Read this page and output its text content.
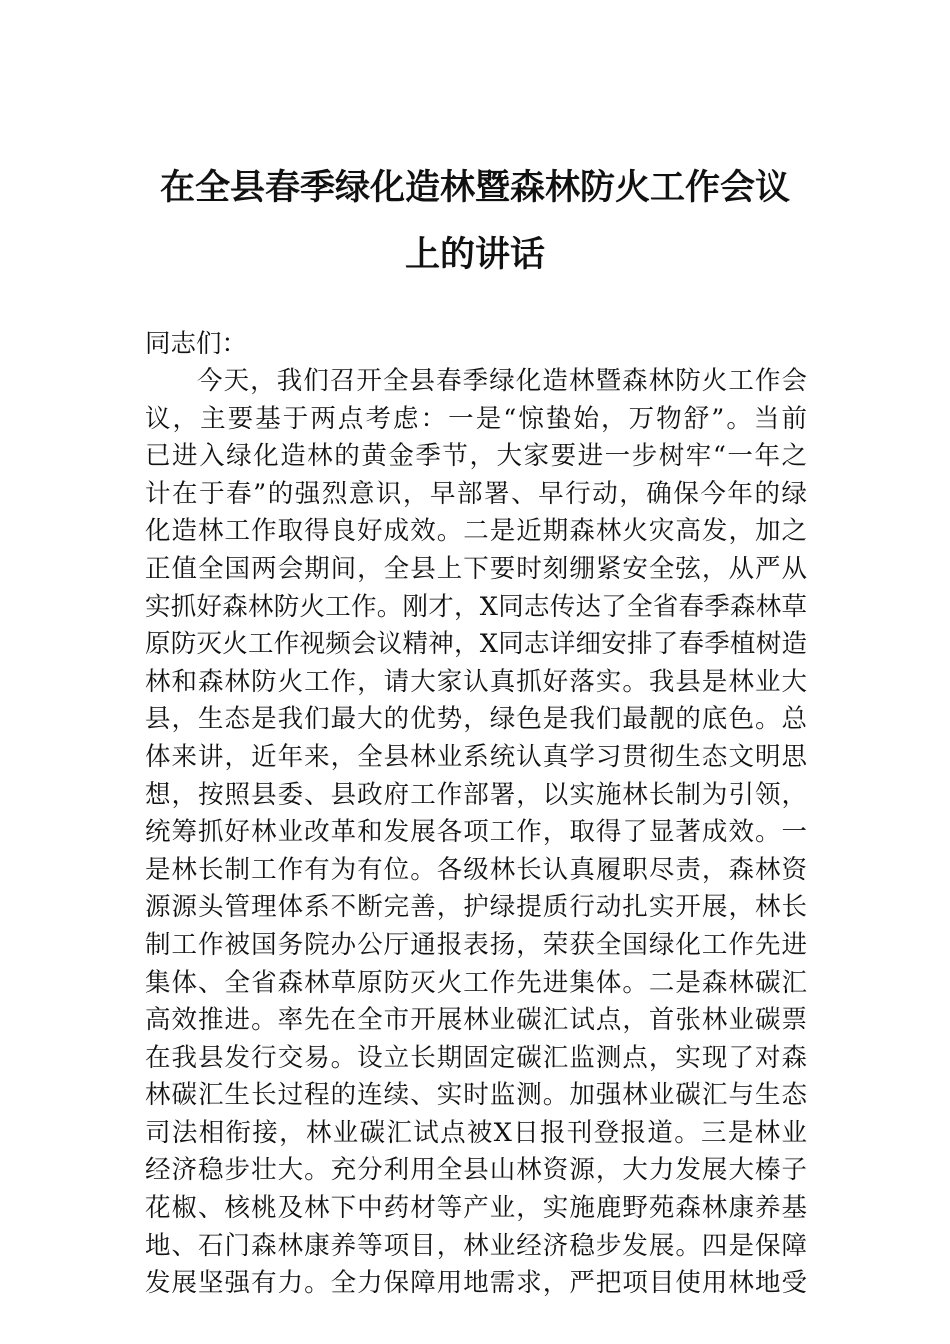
在全县春季绿化造林暨森林防火工作会议
上的讲话
同志们：
今天，我们召开全县春季绿化造林暨森林防火工作会
议，主要基于两点考虑：一是“惊蛰始，万物舒”。当前
已进入绿化造林的黄金季节，大家要进一步树牢“一年之
计在于春”的强烈意识，早部署、早行动，确保今年的绿
化造林工作取得良好成效。二是近期森林火灾高发，加之
正值全国两会期间，全县上下要时刻绷紧安全弦，从严从
实抓好森林防火工作。刚才，X同志传达了全省春季森林草
原防灭火工作视频会议精神，X同志详细安排了春季植树造
林和森林防火工作，请大家认真抓好落实。我县是林业大
县，生态是我们最大的优势，绿色是我们最靓的底色。总
体来讲，近年来，全县林业系统认真学习贯彻生态文明思
想，按照县委、县政府工作部署，以实施林长制为引领，
统筹抓好林业改革和发展各项工作，取得了显著成效。一
是林长制工作有为有位。各级林长认真履职尽责，森林资
源源头管理体系不断完善，护绿提质行动扎实开展，林长
制工作被国务院办公厅通报表扬，荣获全国绿化工作先进
集体、全省森林草原防灭火工作先进集体。二是森林碳汇
高效推进。率先在全市开展林业碳汇试点，首张林业碳票
在我县发行交易。设立长期固定碳汇监测点，实现了对森
林碳汇生长过程的连续、实时监测。加强林业碳汇与生态
司法相衔接，林业碳汇试点被X日报刊登报道。三是林业
经济稳步壮大。充分利用全县山林资源，大力发展大榛子
花椒、核桃及林下中药材等产业，实施鹿野苑森林康养基
地、石门森林康养等项目，林业经济稳步发展。四是保障
发展坚强有力。全力保障用地需求，严把项目使用林地受
